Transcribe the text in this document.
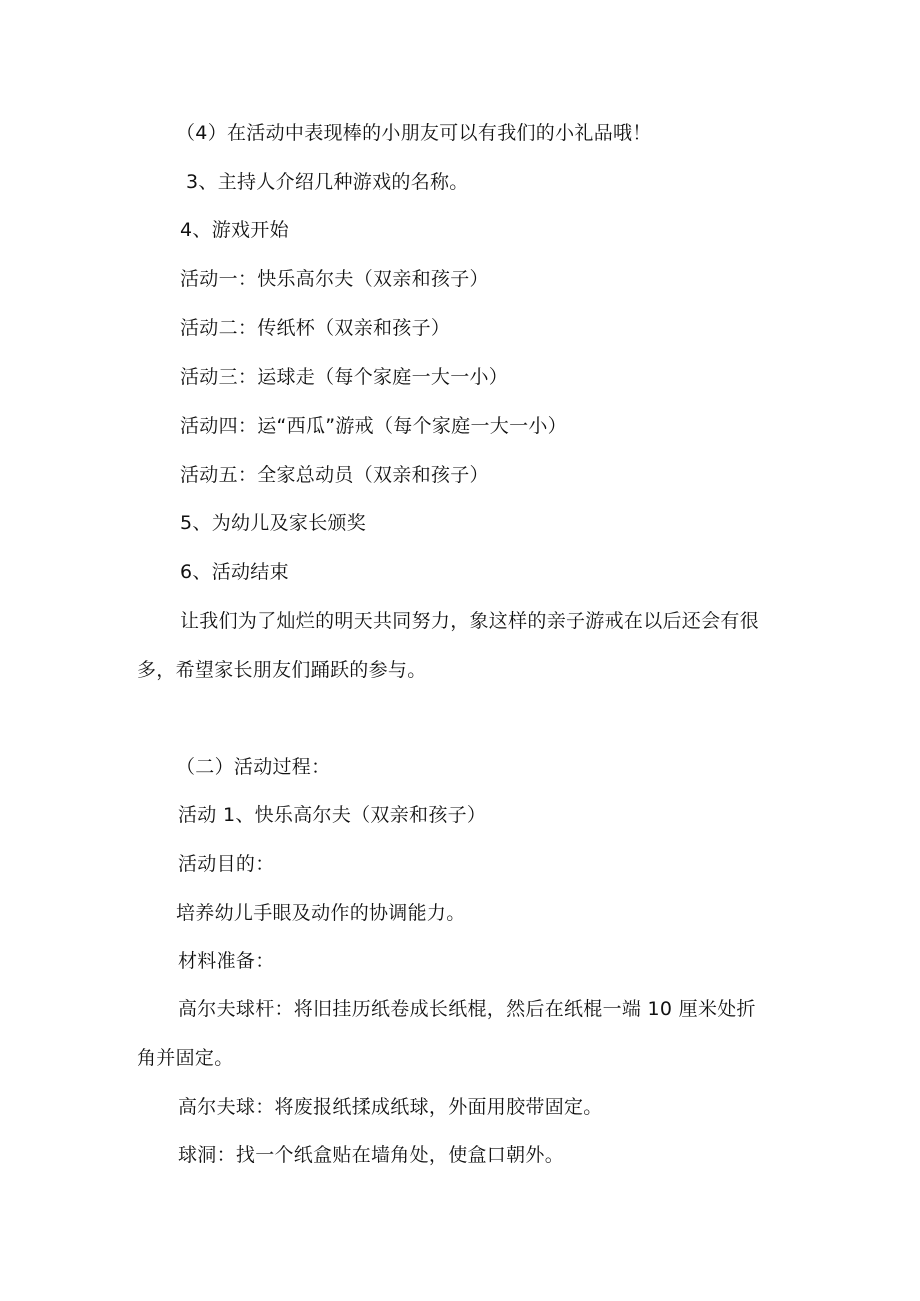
（4）在活动中表现棒的小朋友可以有我们的小礼品哦！
3、主持人介绍几种游戏的名称。
4、游戏开始
活动一：快乐高尔夫（双亲和孩子）
活动二：传纸杯（双亲和孩子）
活动三：运球走（每个家庭一大一小）
活动四：运“西瓜”游戒（每个家庭一大一小）
活动五：全家总动员（双亲和孩子）
5、为幼儿及家长颁奖
6、活动结束
让我们为了灿烂的明天共同努力，象这样的亲子游戒在以后还会有很
多，希望家长朋友们踊跃的参与。
（二）活动过程：
活动 1、快乐高尔夫（双亲和孩子）
活动目的：
培养幼儿手眼及动作的协调能力。
材料准备：
高尔夫球杆：将旧挂历纸卷成长纸棍，然后在纸棍一端 10 厘米处折
角并固定。
高尔夫球：将废报纸揉成纸球，外面用胶带固定。
球洞：找一个纸盒贴在墙角处，使盒口朝外。
